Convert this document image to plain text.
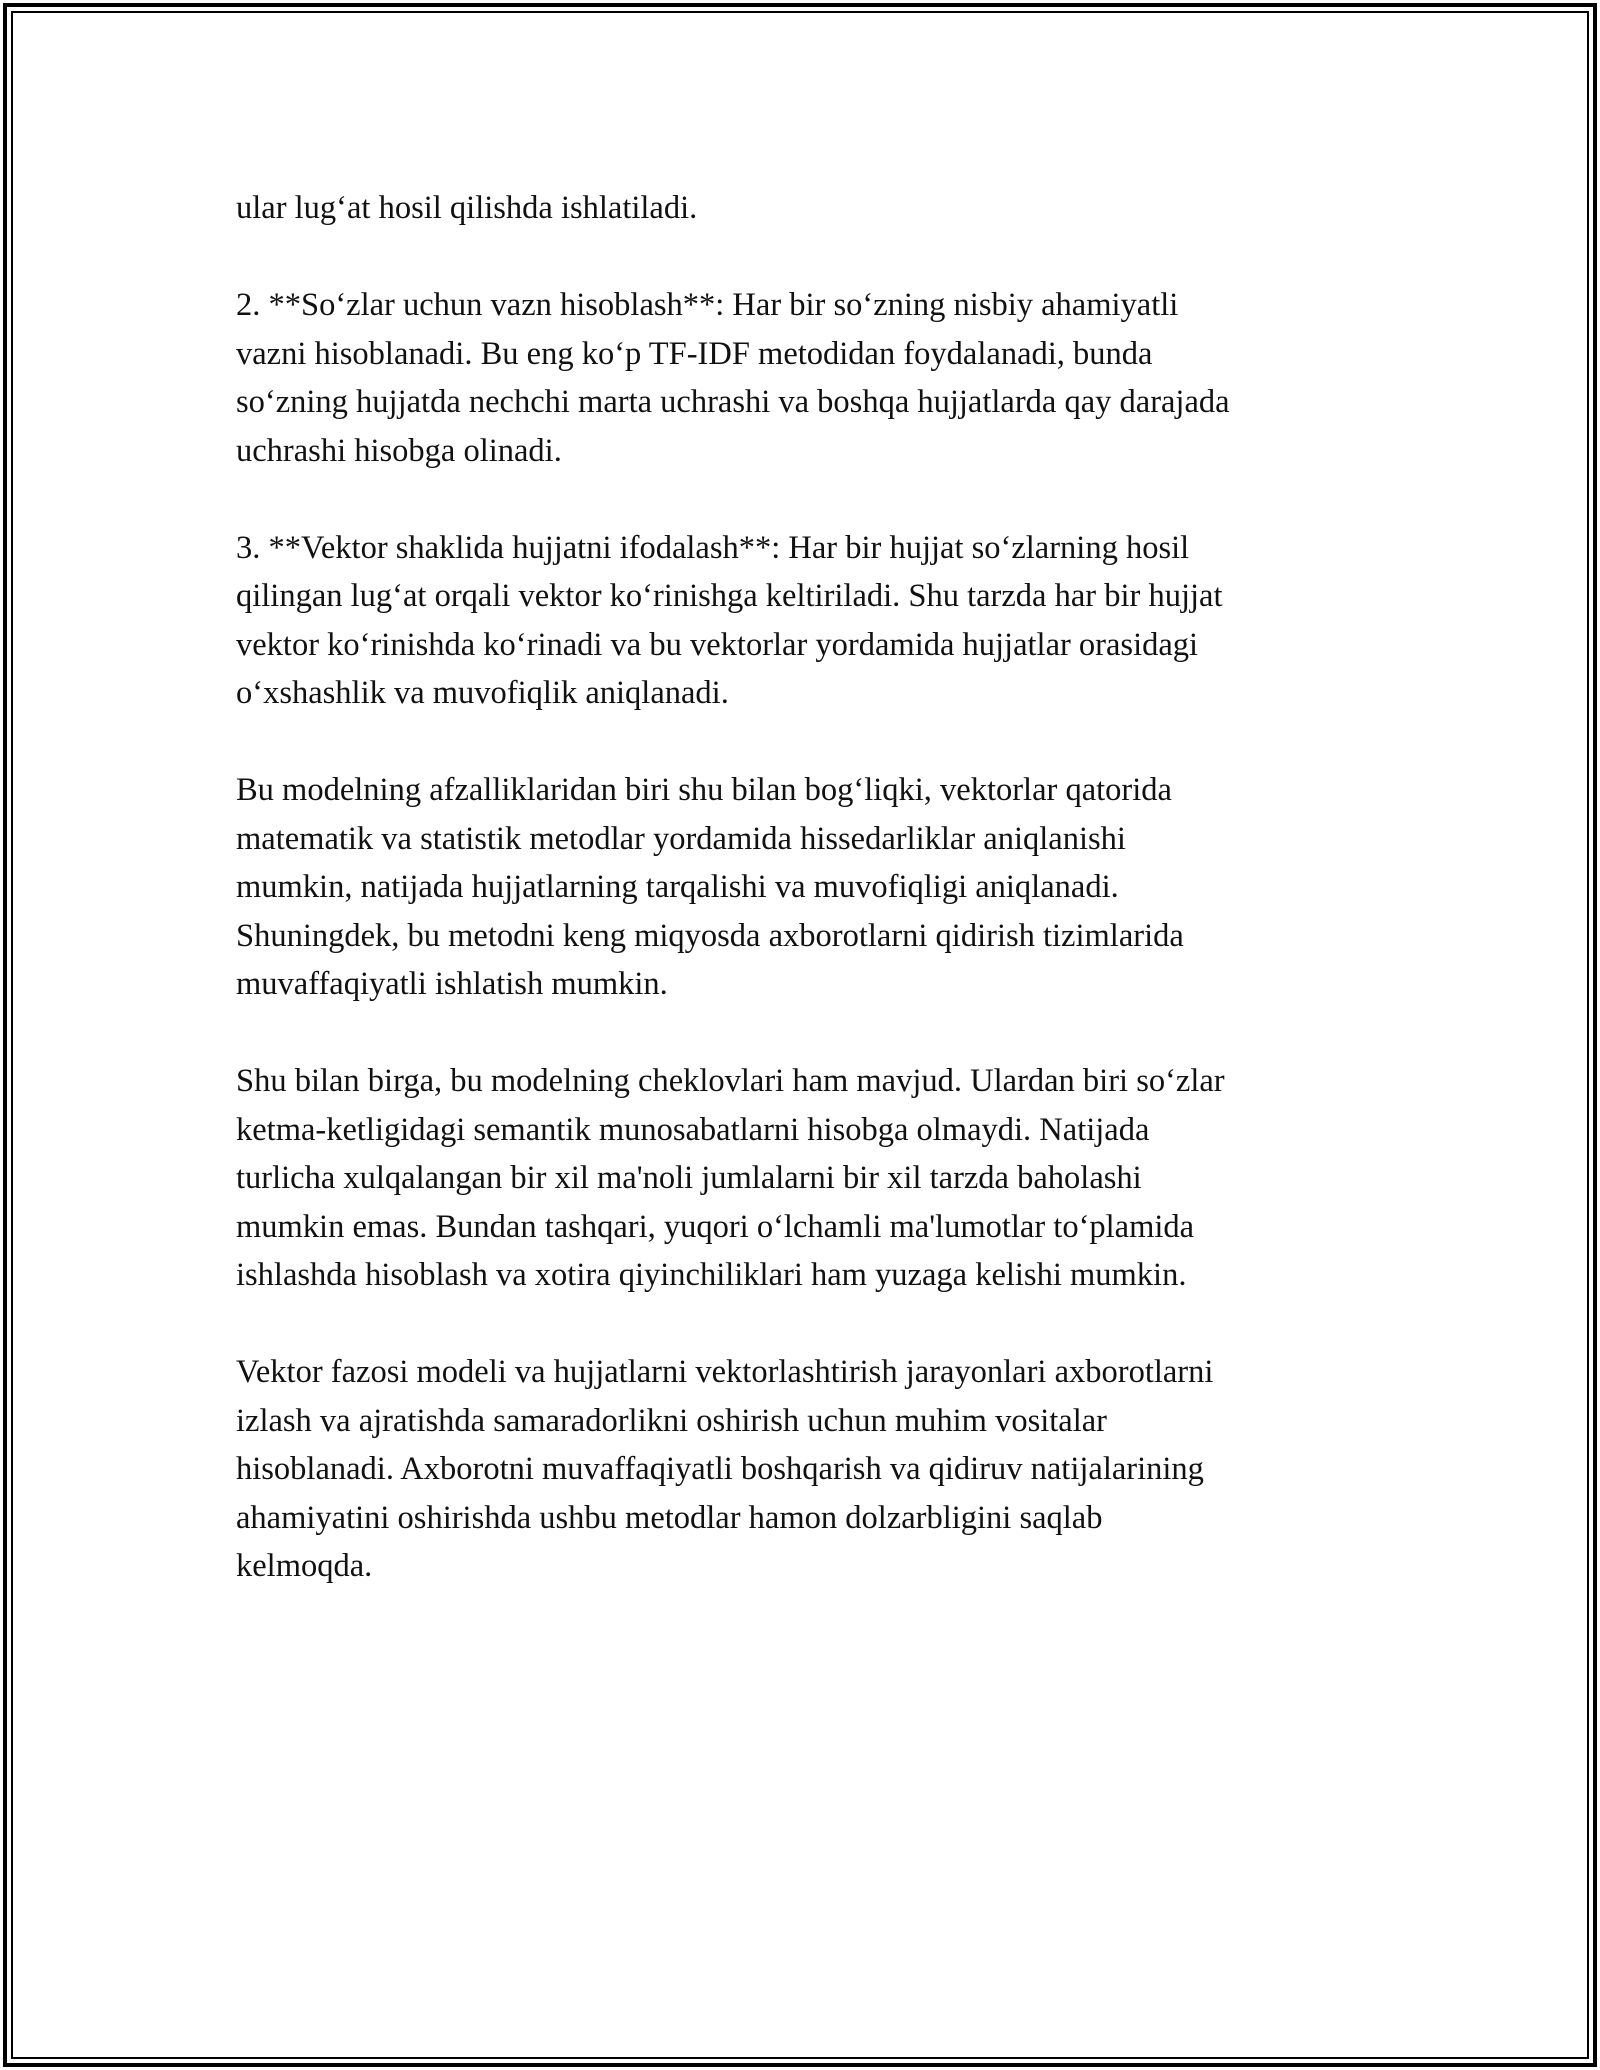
ular lug‘at hosil qilishda ishlatiladi.

2. **So‘zlar uchun vazn hisoblash**: Har bir so‘zning nisbiy ahamiyatli
vazni hisoblanadi. Bu eng ko‘p TF-IDF metodidan foydalanadi, bunda
so‘zning hujjatda nechchi marta uchrashi va boshqa hujjatlarda qay darajada
uchrashi hisobga olinadi.

3. **Vektor shaklida hujjatni ifodalash**: Har bir hujjat so‘zlarning hosil
qilingan lug‘at orqali vektor ko‘rinishga keltiriladi. Shu tarzda har bir hujjat
vektor ko‘rinishda ko‘rinadi va bu vektorlar yordamida hujjatlar orasidagi
o‘xshashlik va muvofiqlik aniqlanadi.

Bu modelning afzalliklaridan biri shu bilan bog‘liqki, vektorlar qatorida
matematik va statistik metodlar yordamida hissedarliklar aniqlanishi
mumkin, natijada hujjatlarning tarqalishi va muvofiqligi aniqlanadi.
Shuningdek, bu metodni keng miqyosda axborotlarni qidirish tizimlarida
muvaffaqiyatli ishlatish mumkin.

Shu bilan birga, bu modelning cheklovlari ham mavjud. Ulardan biri so‘zlar
ketma-ketligidagi semantik munosabatlarni hisobga olmaydi. Natijada
turlicha xulqalangan bir xil ma'noli jumlalarni bir xil tarzda baholashi
mumkin emas. Bundan tashqari, yuqori o‘lchamli ma'lumotlar to‘plamida
ishlashda hisoblash va xotira qiyinchiliklari ham yuzaga kelishi mumkin.

Vektor fazosi modeli va hujjatlarni vektorlashtirish jarayonlari axborotlarni
izlash va ajratishda samaradorlikni oshirish uchun muhim vositalar
hisoblanadi. Axborotni muvaffaqiyatli boshqarish va qidiruv natijalarining
ahamiyatini oshirishda ushbu metodlar hamon dolzarbligini saqlab
kelmoqda.
